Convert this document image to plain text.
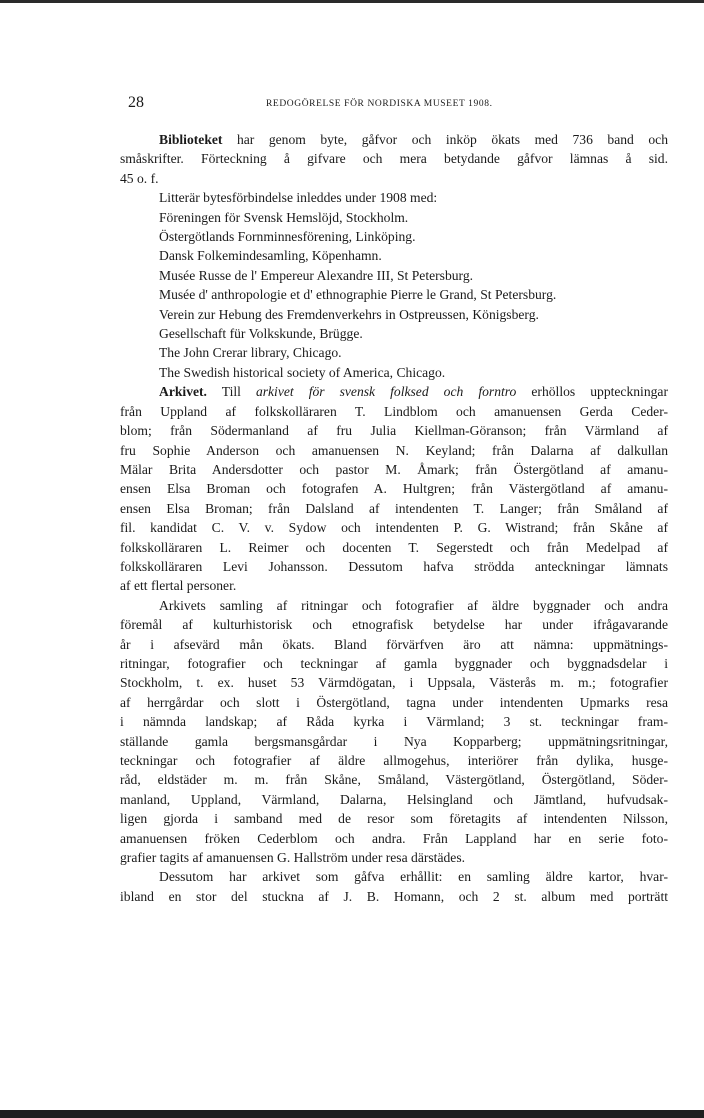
28	REDOGÖRELSE FÖR NORDISKA MUSEET 1908.
Biblioteket har genom byte, gåfvor och inköp ökats med 736 band och
småskrifter. Förteckning å gifvare och mera betydande gåfvor lämnas å sid.
45 o. f.
Litterär bytesförbindelse inleddes under 1908 med:
Föreningen för Svensk Hemslöjd, Stockholm.
Östergötlands Fornminnesförening, Linköping.
Dansk Folkemindesamling, Köpenhamn.
Musée Russe de l' Empereur Alexandre III, St Petersburg.
Musée d' anthropologie et d' ethnographie Pierre le Grand, St Petersburg.
Verein zur Hebung des Fremdenverkehrs in Ostpreussen, Königsberg.
Gesellschaft für Volkskunde, Brügge.
The John Crerar library, Chicago.
The Swedish historical society of America, Chicago.
Arkivet. Till arkivet för svensk folksed och forntro erhöllos uppteckningar
från Uppland af folkskolläraren T. Lindblom och amanuensen Gerda Ceder-
blom; från Södermanland af fru Julia Kiellman-Göranson; från Värmland af
fru Sophie Anderson och amanuensen N. Keyland; från Dalarna af dalkullan
Mälar Brita Andersdotter och pastor M. Åmark; från Östergötland af amanu-
ensen Elsa Broman och fotografen A. Hultgren; från Västergötland af amanu-
ensen Elsa Broman; från Dalsland af intendenten T. Langer; från Småland af
fil. kandidat C. V. v. Sydow och intendenten P. G. Wistrand; från Skåne af
folkskolläraren L. Reimer och docenten T. Segerstedt och från Medelpad af
folkskolläraren Levi Johansson. Dessutom hafva strödda anteckningar lämnats
af ett flertal personer.
Arkivets samling af ritningar och fotografier af äldre byggnader och andra
föremål af kulturhistorisk och etnografisk betydelse har under ifrågavarande
år i afsevärd mån ökats. Bland förvärfven äro att nämna: uppmätnings-
ritningar, fotografier och teckningar af gamla byggnader och byggnadsdelar i
Stockholm, t. ex. huset 53 Värmdögatan, i Uppsala, Västerås m. m.; fotografier
af herrgårdar och slott i Östergötland, tagna under intendenten Upmarks resa
i nämnda landskap; af Råda kyrka i Värmland; 3 st. teckningar fram-
ställande gamla bergsmansgårdar i Nya Kopparberg; uppmätningsritningar,
teckningar och fotografier af äldre allmogehus, interiörer från dylika, husge-
råd, eldstäder m. m. från Skåne, Småland, Västergötland, Östergötland, Söder-
manland, Uppland, Värmland, Dalarna, Helsingland och Jämtland, hufvudsak-
ligen gjorda i samband med de resor som företagits af intendenten Nilsson,
amanuensen fröken Cederblom och andra. Från Lappland har en serie foto-
grafier tagits af amanuensen G. Hallström under resa därstädes.
Dessutom har arkivet som gåfva erhållit: en samling äldre kartor, hvar-
ibland en stor del stuckna af J. B. Homann, och 2 st. album med porträtt
